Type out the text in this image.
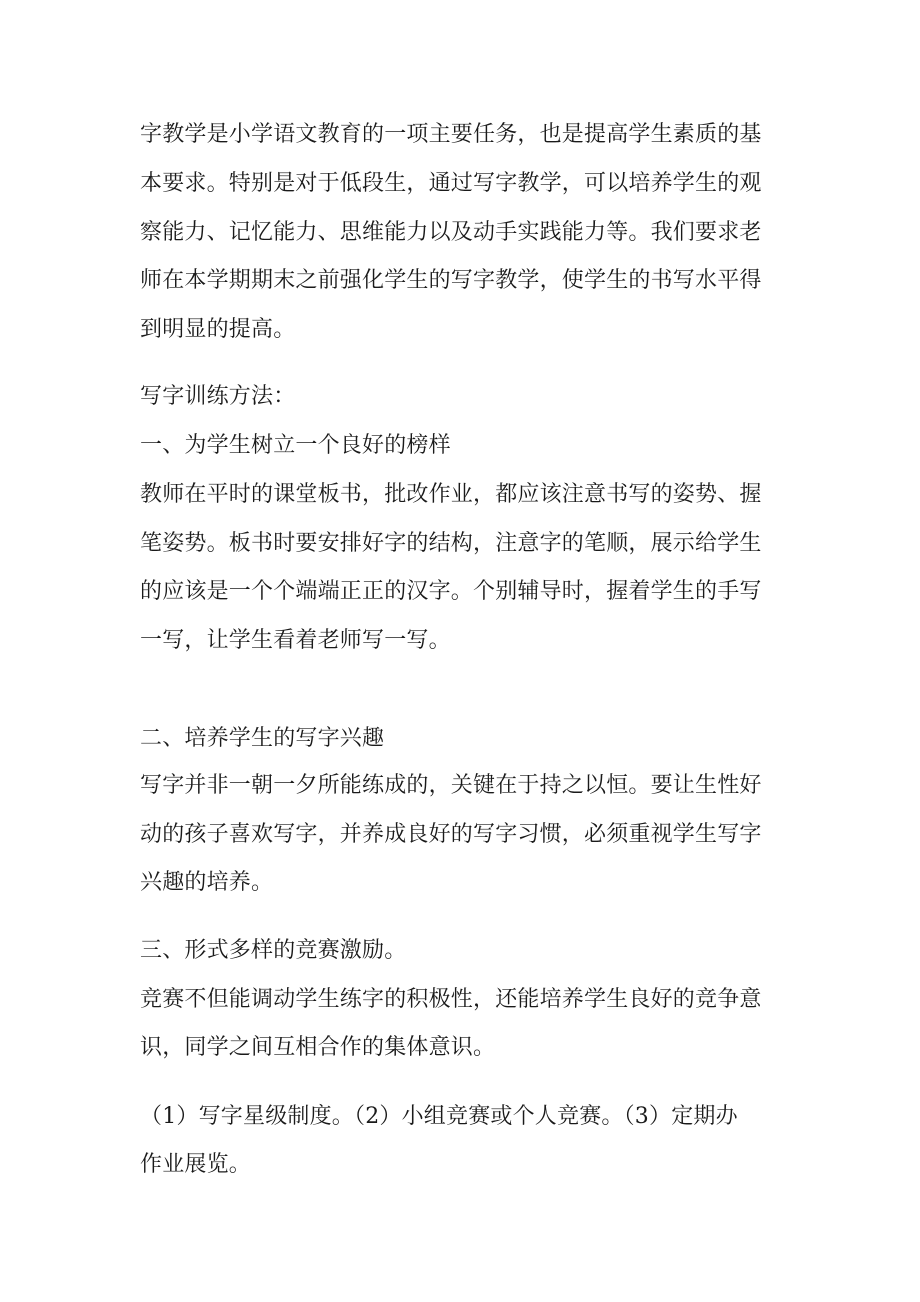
字教学是小学语文教育的一项主要任务，也是提高学生素质的基

本要求。特别是对于低段生，通过写字教学，可以培养学生的观

察能力、记忆能力、思维能力以及动手实践能力等。我们要求老

师在本学期期末之前强化学生的写字教学，使学生的书写水平得

到明显的提高。

写字训练方法：

一、为学生树立一个良好的榜样

教师在平时的课堂板书，批改作业，都应该注意书写的姿势、握

笔姿势。板书时要安排好字的结构，注意字的笔顺，展示给学生

的应该是一个个端端正正的汉字。个别辅导时，握着学生的手写

一写，让学生看着老师写一写。

二、培养学生的写字兴趣

写字并非一朝一夕所能练成的，关键在于持之以恒。要让生性好

动的孩子喜欢写字，并养成良好的写字习惯，必须重视学生写字

兴趣的培养。

三、形式多样的竞赛激励。

竞赛不但能调动学生练字的积极性，还能培养学生良好的竞争意

识，同学之间互相合作的集体意识。

（1）写字星级制度。（2）小组竞赛或个人竞赛。（3）定期办

作业展览。
